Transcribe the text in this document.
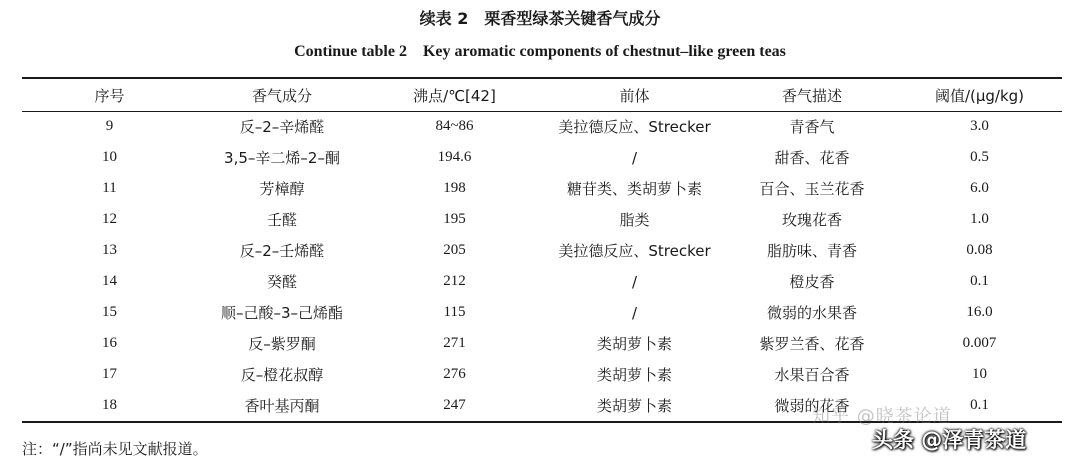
续表 2　栗香型绿茶关键香气成分
Continue table 2　Key aromatic components of chestnut–like green teas
序号	香气成分	沸点/℃[42]	前体	香气描述	阈值/(μg/kg)
9	反–2–辛烯醛	84~86	美拉德反应、Strecker	青香气	3.0
10	3,5–辛二烯–2–酮	194.6	/	甜香、花香	0.5
11	芳樟醇	198	糖苷类、类胡萝卜素	百合、玉兰花香	6.0
12	壬醛	195	脂类	玫瑰花香	1.0
13	反–2–壬烯醛	205	美拉德反应、Strecker	脂肪味、青香	0.08
14	癸醛	212	/	橙皮香	0.1
15	顺–己酸–3–己烯酯	115	/	微弱的水果香	16.0
16	反–紫罗酮	271	类胡萝卜素	紫罗兰香、花香	0.007
17	反–橙花叔醇	276	类胡萝卜素	水果百合香	10
18	香叶基丙酮	247	类胡萝卜素	微弱的花香	0.1
注：“/”指尚未见文献报道。
知乎 @晓茶论道
头条 @泽青茶道
